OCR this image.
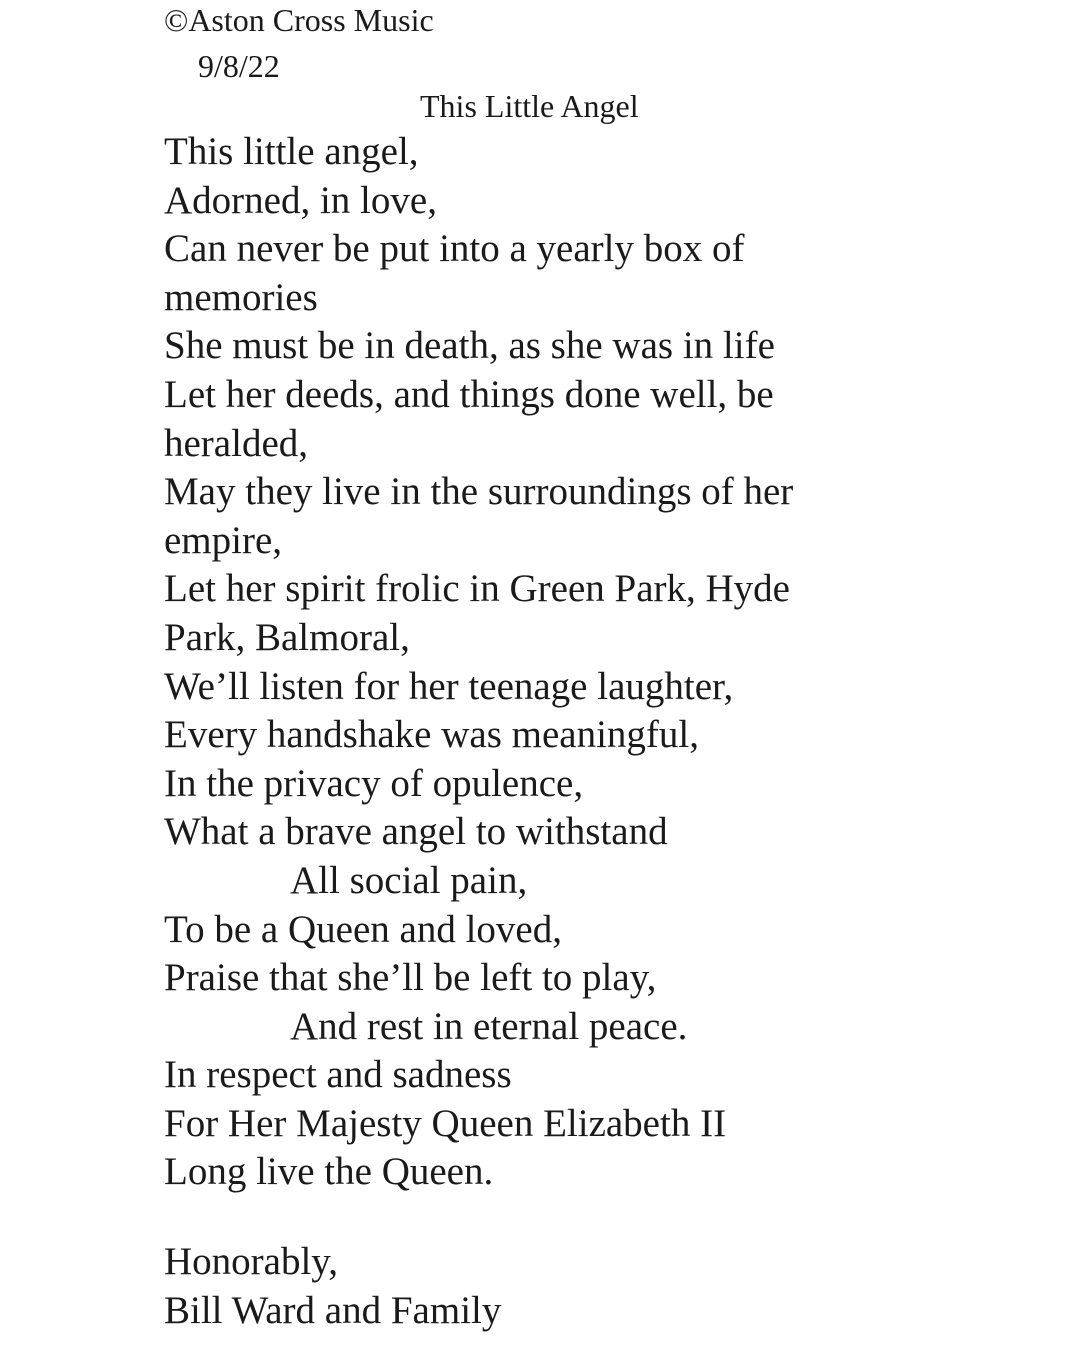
©Aston Cross Music
9/8/22
This Little Angel
This little angel,
Adorned, in love,
Can never be put into a yearly box of
memories
She must be in death, as she was in life
Let her deeds, and things done well, be
heralded,
May they live in the surroundings of her
empire,
Let her spirit frolic in Green Park, Hyde
Park, Balmoral,
We’ll listen for her teenage laughter,
Every handshake was meaningful,
In the privacy of opulence,
What a brave angel to withstand
All social pain,
To be a Queen and loved,
Praise that she’ll be left to play,
And rest in eternal peace.
In respect and sadness
For Her Majesty Queen Elizabeth II
Long live the Queen.
Honorably,
Bill Ward and Family
